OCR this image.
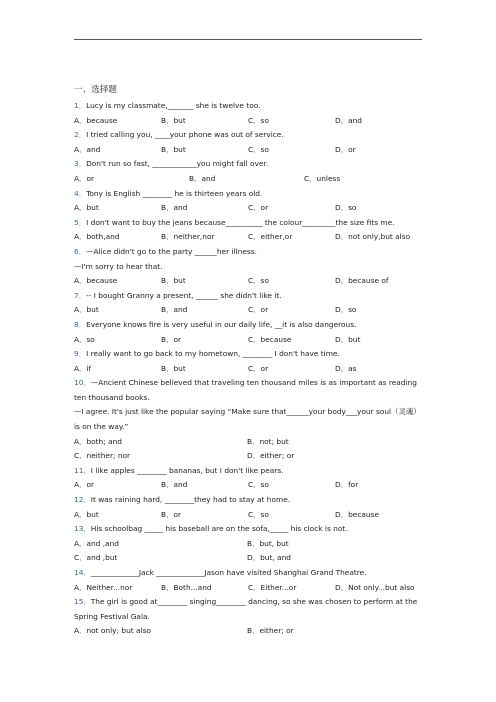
一、选择题
1．Lucy is my classmate,_______ she is twelve too.
A．because	B．but	C．so	D．and
2．I tried calling you, ____your phone was out of service.
A．and	B．but	C．so	D．or
3．Don't run so fast, ____________you might fall over.
A．or	B．and	C．unless
4．Tony is English ________ he is thirteen years old.
A．but	B．and	C．or	D．so
5．I don't want to buy the jeans because__________ the colour_________the size fits me.
A．both,and	B．neither,nor	C．either,or	D．not only,but also
6．—Alice didn't go to the party ______her illness.
—I'm sorry to hear that.
A．because	B．but	C．so	D．because of
7．-- I bought Granny a present, ______ she didn't like it.
A．but	B．and	C．or	D．so
8．Everyone knows fire is very useful in our daily life, __it is also dangerous.
A．so	B．or	C．because	D．but
9．I really want to go back to my hometown, ________ I don't have time.
A．if	B．but	C．or	D．as
10．—Ancient Chinese believed that traveling ten thousand miles is as important as reading ten thousand books.
—I agree. It's just like the popular saying “Make sure that______your body___your soul（灵魂） is on the way.”
A．both; and	B．not; but
C．neither; nor	D．either; or
11．I like apples ________ bananas, but I don't like pears.
A．or	B．and	C．so	D．for
12．It was raining hard, ________they had to stay at home.
A．but	B．or	C．so	D．because
13．His schoolbag _____ his baseball are on the sofa,_____ his clock is not.
A．and ,and	B．but, but
C．and ,but	D．but, and
14．_____________Jack _____________Jason have visited Shanghai Grand Theatre.
A．Neither...nor	B．Both...and	C．Either...or	D．Not only...but also
15．The girl is good at________ singing________ dancing, so she was chosen to perform at the Spring Festival Gala.
A．not only; but also	B．either; or
